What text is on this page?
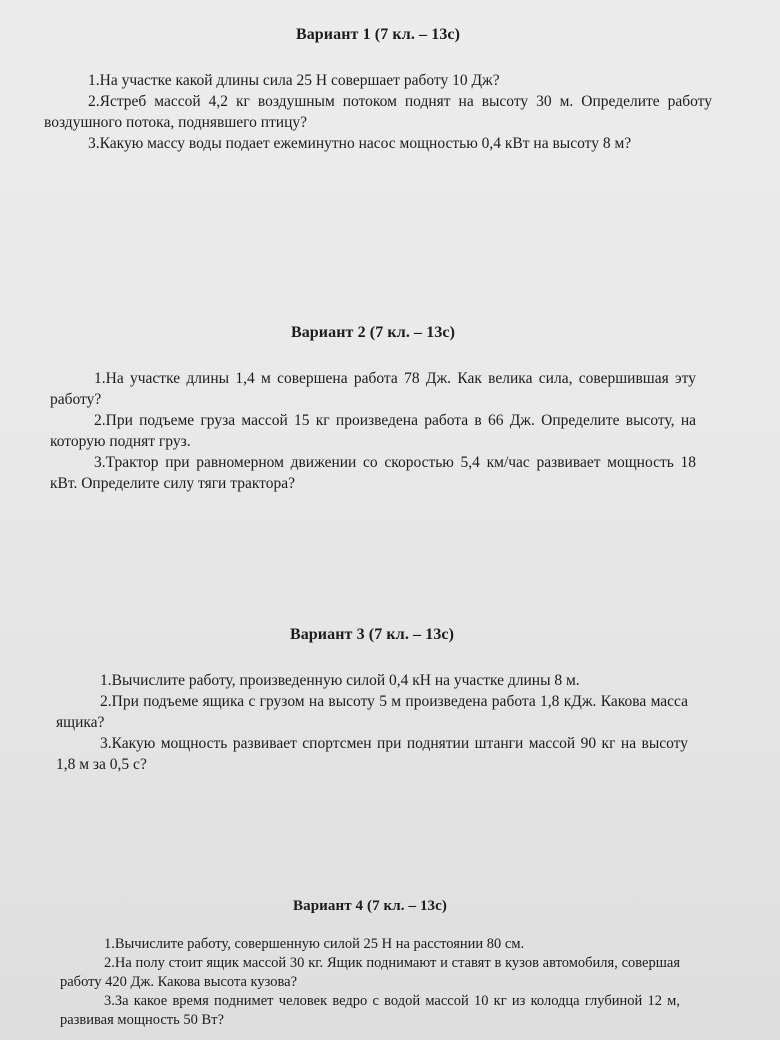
Вариант 1 (7 кл. – 13с)

1.На участке какой длины сила 25 Н совершает работу 10 Дж?

2.Ястреб массой 4,2 кг воздушным потоком поднят на высоту 30 м. Определите работу воздушного потока, поднявшего птицу?

3.Какую массу воды подает ежеминутно насос мощностью 0,4 кВт на высоту 8 м?

Вариант 2 (7 кл. – 13с)

1.На участке длины 1,4 м совершена работа 78 Дж. Как велика сила, совершившая эту работу?

2.При подъеме груза массой 15 кг произведена работа в 66 Дж. Определите высоту, на которую поднят груз.

3.Трактор при равномерном движении со скоростью 5,4 км/час развивает мощность 18 кВт. Определите силу тяги трактора?

Вариант 3 (7 кл. – 13с)

1.Вычислите работу, произведенную силой 0,4 кН на участке длины 8 м.

2.При подъеме ящика с грузом на высоту 5 м произведена работа 1,8 кДж. Какова масса ящика?

3.Какую мощность развивает спортсмен при поднятии штанги массой 90 кг на высоту 1,8 м за 0,5 с?

Вариант 4 (7 кл. – 13с)

1.Вычислите работу, совершенную силой 25 Н на расстоянии 80 см.

2.На полу стоит ящик массой 30 кг. Ящик поднимают и ставят в кузов автомобиля, совершая работу 420 Дж. Какова высота кузова?

3.За какое время поднимет человек ведро с водой массой 10 кг из колодца глубиной 12 м, развивая мощность 50 Вт?
